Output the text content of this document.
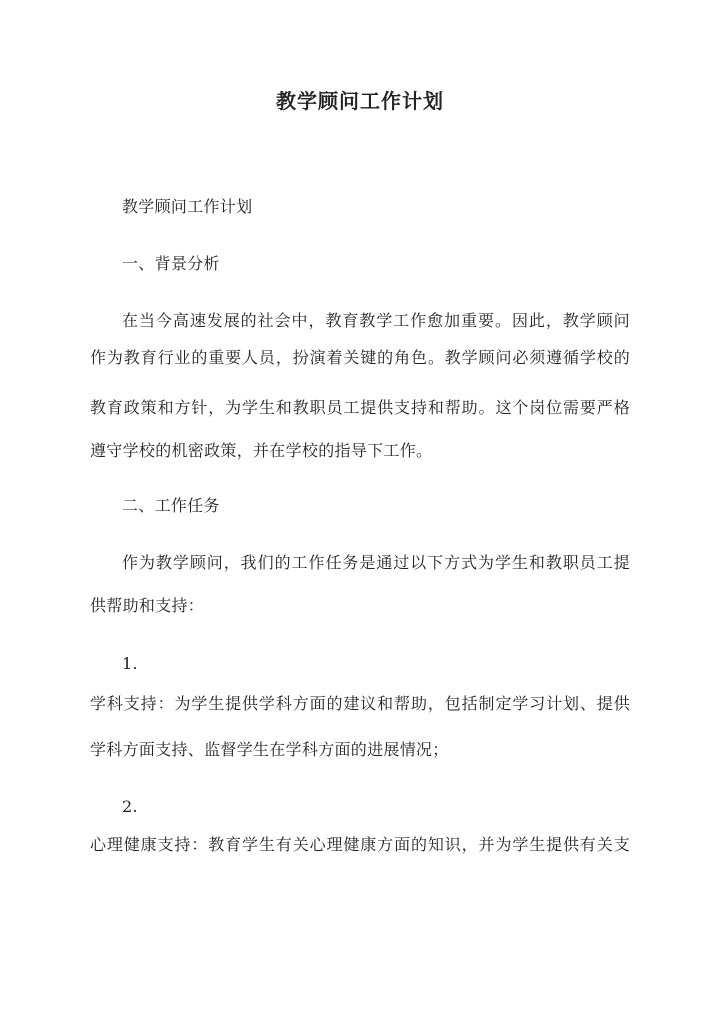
教学顾问工作计划
教学顾问工作计划
一、背景分析
在当今高速发展的社会中，教育教学工作愈加重要。因此，教学顾问
作为教育行业的重要人员，扮演着关键的角色。教学顾问必须遵循学校的
教育政策和方针，为学生和教职员工提供支持和帮助。这个岗位需要严格
遵守学校的机密政策，并在学校的指导下工作。
二、工作任务
作为教学顾问，我们的工作任务是通过以下方式为学生和教职员工提
供帮助和支持：
1.
学科支持：为学生提供学科方面的建议和帮助，包括制定学习计划、提供
学科方面支持、监督学生在学科方面的进展情况；
2.
心理健康支持：教育学生有关心理健康方面的知识，并为学生提供有关支
